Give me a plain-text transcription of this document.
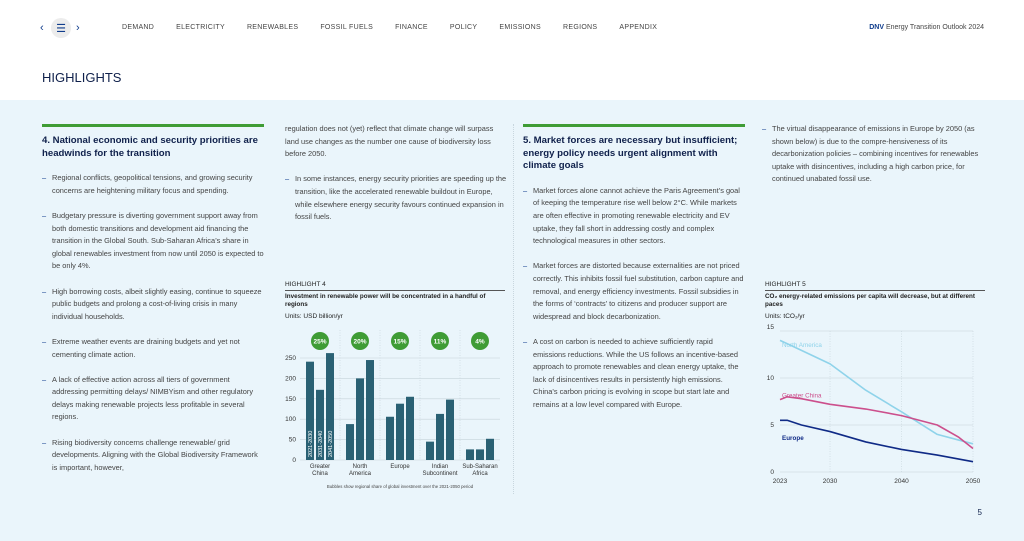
‹	☰ ›	DEMAND	ELECTRICITY	RENEWABLES	FOSSIL FUELS	FINANCE	POLICY	EMISSIONS	REGIONS	APPENDIX	DNV Energy Transition Outlook 2024
HIGHLIGHTS
4. National economic and security priorities are headwinds for the transition
– Regional conflicts, geopolitical tensions, and growing security concerns are heightening military focus and spending.
– Budgetary pressure is diverting government support away from both domestic transitions and development aid financing the transition in the Global South. Sub-Saharan Africa’s share in global renewables investment from now until 2050 is expected to be only 4%.
– High borrowing costs, albeit slightly easing, continue to squeeze public budgets and prolong a cost-of-living crisis in many individual households.
– Extreme weather events are draining budgets and yet not cementing climate action.
– A lack of effective action across all tiers of government addressing permitting delays/ NIMBYism and other regulatory delays making renewable projects less profitable in several regions.
– Rising biodiversity concerns challenge renewable/ grid developments. Aligning with the Global Biodiversity Framework is important, however,

regulation does not (yet) reflect that climate change will surpass land use changes as the number one cause of biodiversity loss before 2050.

– In some instances, energy security priorities are speeding up the transition, like the accelerated renewable buildout in Europe, while elsewhere energy security favours continued expansion in fossil fuels.
5. Market forces are necessary but insufficient; energy policy needs urgent alignment with climate goals
– Market forces alone cannot achieve the Paris Agreement’s goal of keeping the temperature rise well below 2°C. While markets are often effective in promoting renewable electricity and EV uptake, they fall short in addressing costly and complex technological measures in other sectors.
– Market forces are distorted because externalities are not priced correctly. This inhibits fossil fuel substitution, carbon capture and removal, and energy efficiency investments. Fossil subsidies in the forms of ‘contracts’ to citizens and producer support are widespread and block decarbonization.
– A cost on carbon is needed to achieve sufficiently rapid emissions reductions. While the US follows an incentive-based approach to promote renewables and clean energy uptake, the lack of disincentives results in persistently high emissions. China’s carbon pricing is evolving in scope but start late and remains at a low level compared with Europe.
– The virtual disappearance of emissions in Europe by 2050 (as shown below) is due to the compre-hensiveness of its decarbonization policies – combining incentives for renewables uptake with disincentives, including a high carbon price, for continued unabated fossil use.
HIGHLIGHT 4
Investment in renewable power will be concentrated in a handful of regions
Units: USD billion/yr
0
50
100
150
200
250
25%
2021-2030 2031-2040 2041-2050
Greater
China
20%
North
America
15%
Europe
11%
Indian
Subcontinent
4%
Sub-Saharan
Africa
Bubbles show regional share of global investment over the 2021-2050 period
HIGHLIGHT 5
CO₂ energy-related emissions per capita will decrease, but at different paces
Units: tCO₂/yr
0
5
10
15
2023	2030	2040	2050
North America
Greater China
Europe
5
